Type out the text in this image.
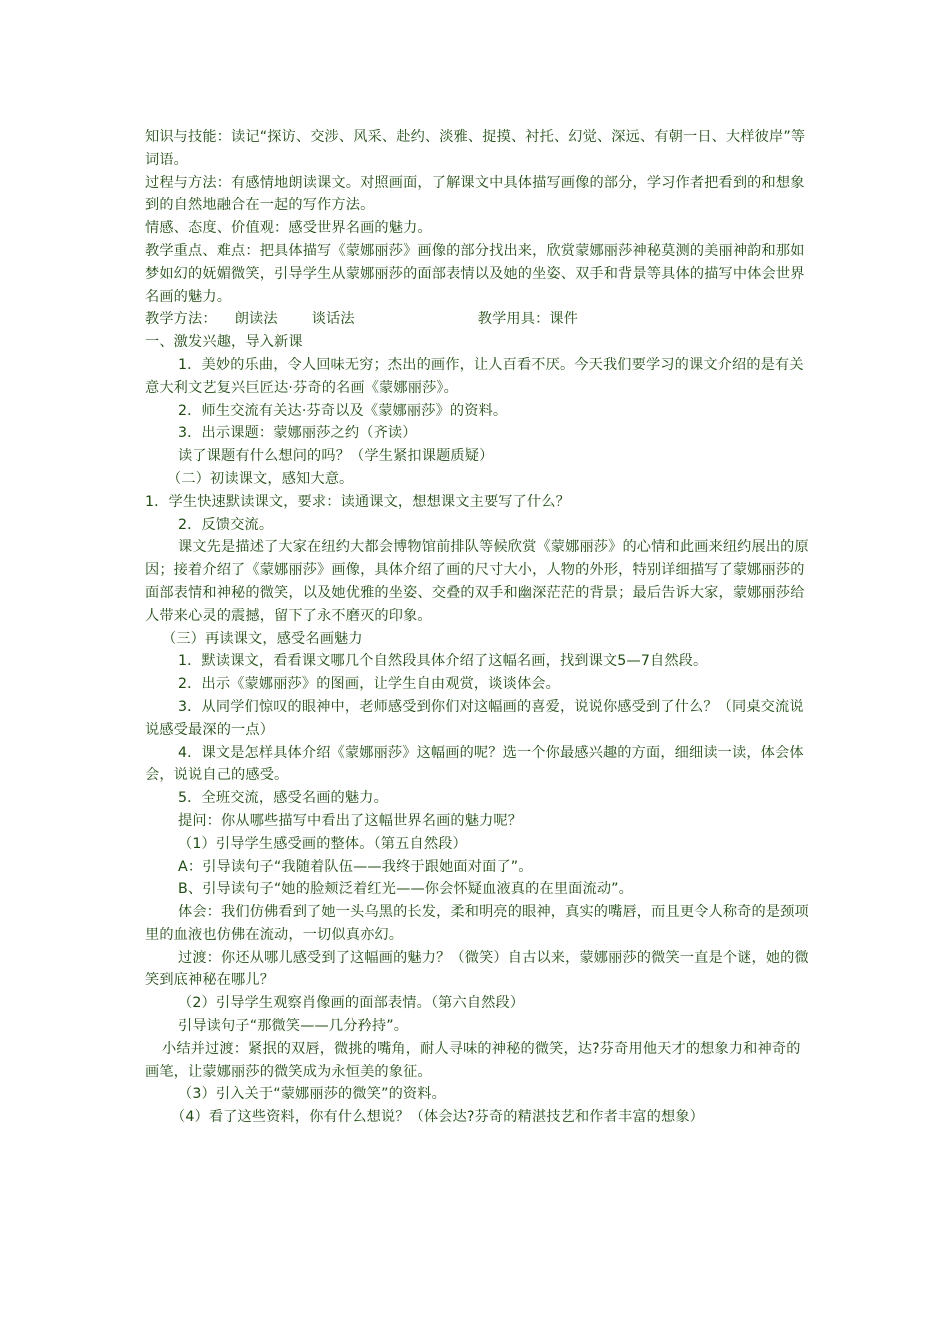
知识与技能：读记“探访、交涉、风采、赴约、淡雅、捉摸、衬托、幻觉、深远、有朝一日、大样彼岸”等词语。

过程与方法：有感情地朗读课文。对照画面，了解课文中具体描写画像的部分，学习作者把看到的和想象到的自然地融合在一起的写作方法。

情感、态度、价值观：感受世界名画的魅力。

教学重点、难点：把具体描写《蒙娜丽莎》画像的部分找出来，欣赏蒙娜丽莎神秘莫测的美丽神韵和那如梦如幻的妩媚微笑，引导学生从蒙娜丽莎的面部表情以及她的坐姿、双手和背景等具体的描写中体会世界名画的魅力。

教学方法： 朗读法 谈话法	教学用具：课件

一、激发兴趣，导入新课

1．美妙的乐曲，令人回味无穷；杰出的画作，让人百看不厌。今天我们要学习的课文介绍的是有关意大利文艺复兴巨匠达·芬奇的名画《蒙娜丽莎》。

2．师生交流有关达·芬奇以及《蒙娜丽莎》的资料。

3．出示课题：蒙娜丽莎之约（齐读）

读了课题有什么想问的吗？（学生紧扣课题质疑）

（二）初读课文，感知大意。

1．学生快速默读课文，要求：读通课文，想想课文主要写了什么？

2．反馈交流。

课文先是描述了大家在纽约大都会博物馆前排队等候欣赏《蒙娜丽莎》的心情和此画来纽约展出的原因；接着介绍了《蒙娜丽莎》画像，具体介绍了画的尺寸大小，人物的外形，特别详细描写了蒙娜丽莎的面部表情和神秘的微笑，以及她优雅的坐姿、交叠的双手和幽深茫茫的背景；最后告诉大家，蒙娜丽莎给人带来心灵的震撼，留下了永不磨灭的印象。

（三）再读课文，感受名画魅力

1．默读课文，看看课文哪几个自然段具体介绍了这幅名画，找到课文5—7自然段。

2．出示《蒙娜丽莎》的图画，让学生自由观赏，谈谈体会。

3．从同学们惊叹的眼神中，老师感受到你们对这幅画的喜爱，说说你感受到了什么？（同桌交流说说感受最深的一点）

4．课文是怎样具体介绍《蒙娜丽莎》这幅画的呢？选一个你最感兴趣的方面，细细读一读，体会体会，说说自己的感受。

5．全班交流，感受名画的魅力。

提问：你从哪些描写中看出了这幅世界名画的魅力呢？

（1）引导学生感受画的整体。（第五自然段）

A：引导读句子“我随着队伍——我终于跟她面对面了”。

B、引导读句子“她的脸颊泛着红光——你会怀疑血液真的在里面流动”。

体会：我们仿佛看到了她一头乌黑的长发，柔和明亮的眼神，真实的嘴唇，而且更令人称奇的是颈项里的血液也仿佛在流动，一切似真亦幻。

过渡：你还从哪儿感受到了这幅画的魅力？（微笑）自古以来，蒙娜丽莎的微笑一直是个谜，她的微笑到底神秘在哪儿？

（2）引导学生观察肖像画的面部表情。（第六自然段）

引导读句子“那微笑——几分矜持”。

小结并过渡：紧抿的双唇，微挑的嘴角，耐人寻味的神秘的微笑，达?芬奇用他天才的想象力和神奇的画笔，让蒙娜丽莎的微笑成为永恒美的象征。

（3）引入关于“蒙娜丽莎的微笑”的资料。

（4）看了这些资料，你有什么想说？（体会达?芬奇的精湛技艺和作者丰富的想象）
